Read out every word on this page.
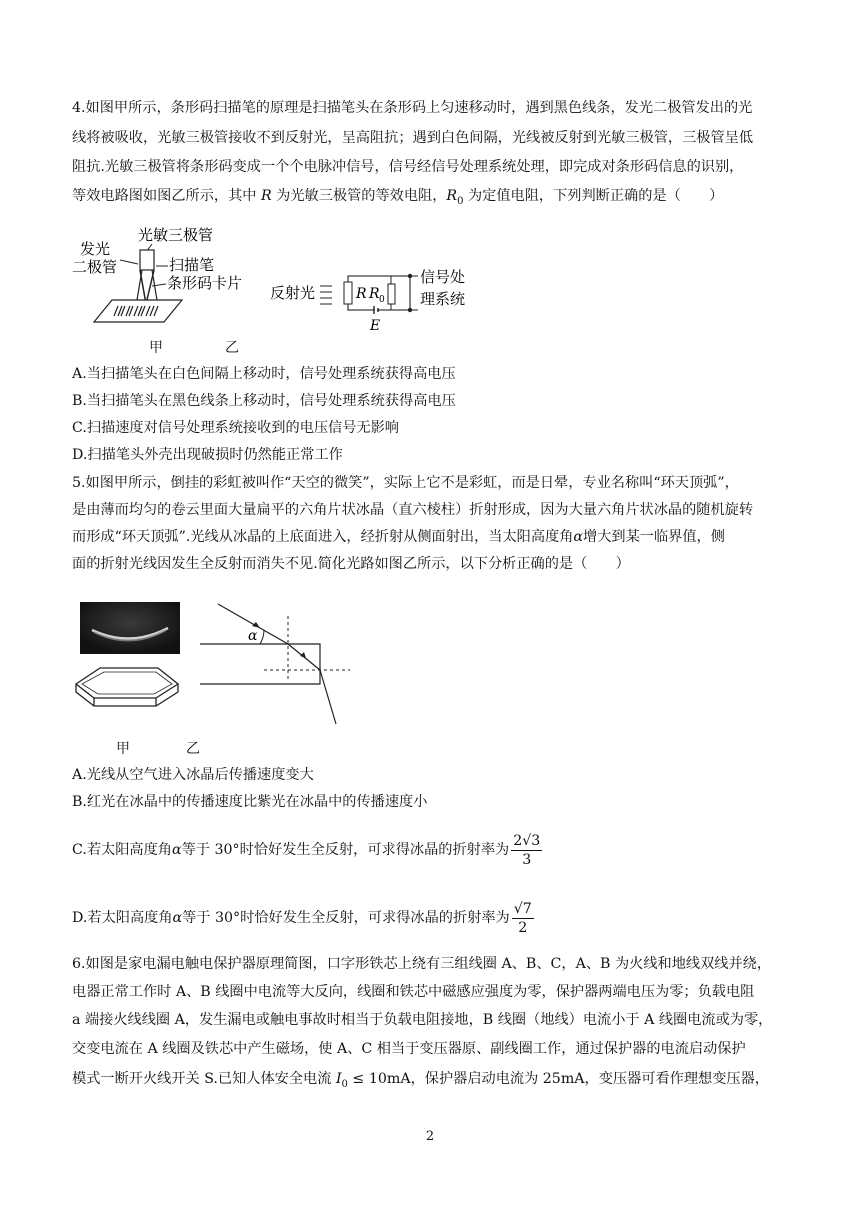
4.如图甲所示，条形码扫描笔的原理是扫描笔头在条形码上匀速移动时，遇到黑色线条，发光二极管发出的光
线将被吸收，光敏三极管接收不到反射光，呈高阻抗；遇到白色间隔，光线被反射到光敏三极管，三极管呈低
阻抗.光敏三极管将条形码变成一个个电脉冲信号，信号经信号处理系统处理，即完成对条形码信息的识别，
等效电路图如图乙所示，其中 R 为光敏三极管的等效电阻，$R_0$ 为定值电阻，下列判断正确的是（　　）
光敏三极管
发光
二极管	扫描笔
条形码卡片
反射光	R R 0
E
信号处
理系统
甲	乙
A.当扫描笔头在白色间隔上移动时，信号处理系统获得高电压
B.当扫描笔头在黑色线条上移动时，信号处理系统获得高电压
C.扫描速度对信号处理系统接收到的电压信号无影响
D.扫描笔头外壳出现破损时仍然能正常工作
5.如图甲所示，倒挂的彩虹被叫作“天空的微笑”，实际上它不是彩虹，而是日晕，专业名称叫“环天顶弧”，
是由薄而均匀的卷云里面大量扁平的六角片状冰晶（直六棱柱）折射形成，因为大量六角片状冰晶的随机旋转
而形成“环天顶弧”.光线从冰晶的上底面进入，经折射从侧面射出，当太阳高度角α增大到某一临界值，侧
面的折射光线因发生全反射而消失不见.简化光路如图乙所示，以下分析正确的是（　　）
α
甲	乙
A.光线从空气进入冰晶后传播速度变大
B.红光在冰晶中的传播速度比紫光在冰晶中的传播速度小
C.若太阳高度角α等于 30°时恰好发生全反射，可求得冰晶的折射率为 $\frac{2√3}{3}$
D.若太阳高度角α等于 30°时恰好发生全反射，可求得冰晶的折射率为 $\frac{√7}{2}$
6.如图是家电漏电触电保护器原理简图，口字形铁芯上绕有三组线圈 A、B、C，A、B 为火线和地线双线并绕，
电器正常工作时 A、B 线圈中电流等大反向，线圈和铁芯中磁感应强度为零，保护器两端电压为零；负载电阻
a 端接火线线圈 A，发生漏电或触电事故时相当于负载电阻接地，B 线圈（地线）电流小于 A 线圈电流或为零，
交变电流在 A 线圈及铁芯中产生磁场，使 A、C 相当于变压器原、副线圈工作，通过保护器的电流启动保护
模式一断开火线开关 S.已知人体安全电流 $I_0 \le 10mA$，保护器启动电流为 25mA，变压器可看作理想变压器，
2
